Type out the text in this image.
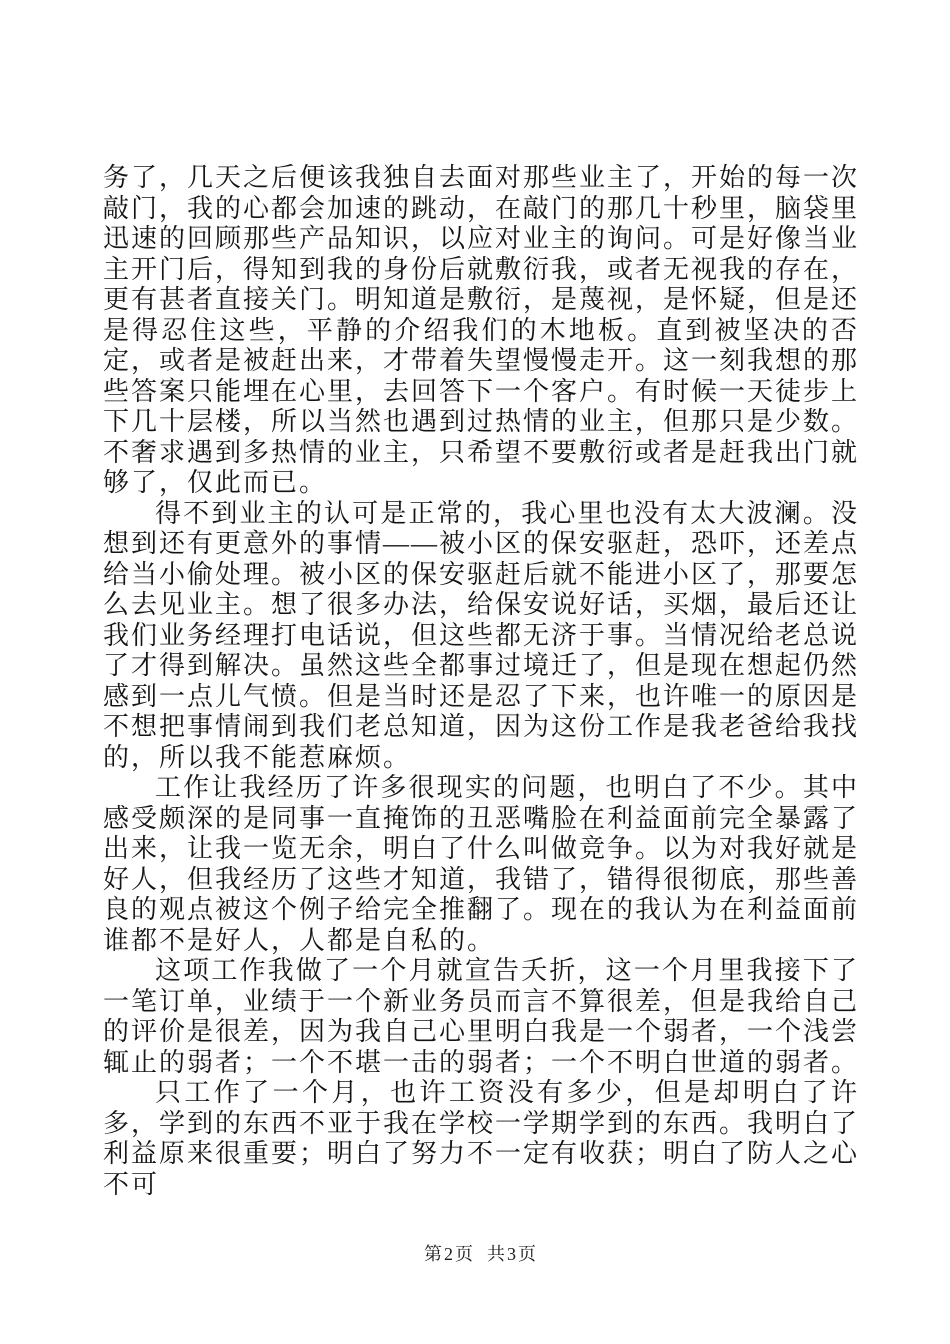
务了，几天之后便该我独自去面对那些业主了，开始的每一次敲门，我的心都会加速的跳动，在敲门的那几十秒里，脑袋里迅速的回顾那些产品知识，以应对业主的询问。可是好像当业主开门后，得知到我的身份后就敷衍我，或者无视我的存在，更有甚者直接关门。明知道是敷衍，是蔑视，是怀疑，但是还是得忍住这些，平静的介绍我们的木地板。直到被坚决的否定，或者是被赶出来，才带着失望慢慢走开。这一刻我想的那些答案只能埋在心里，去回答下一个客户。有时候一天徒步上下几十层楼，所以当然也遇到过热情的业主，但那只是少数。不奢求遇到多热情的业主，只希望不要敷衍或者是赶我出门就够了，仅此而已。

得不到业主的认可是正常的，我心里也没有太大波澜。没想到还有更意外的事情——被小区的保安驱赶，恐吓，还差点给当小偷处理。被小区的保安驱赶后就不能进小区了，那要怎么去见业主。想了很多办法，给保安说好话，买烟，最后还让我们业务经理打电话说，但这些都无济于事。当情况给老总说了才得到解决。虽然这些全都事过境迁了，但是现在想起仍然感到一点儿气愤。但是当时还是忍了下来，也许唯一的原因是不想把事情闹到我们老总知道，因为这份工作是我老爸给我找的，所以我不能惹麻烦。

工作让我经历了许多很现实的问题，也明白了不少。其中感受颇深的是同事一直掩饰的丑恶嘴脸在利益面前完全暴露了出来，让我一览无余，明白了什么叫做竞争。以为对我好就是好人，但我经历了这些才知道，我错了，错得很彻底，那些善良的观点被这个例子给完全推翻了。现在的我认为在利益面前谁都不是好人，人都是自私的。

这项工作我做了一个月就宣告夭折，这一个月里我接下了一笔订单，业绩于一个新业务员而言不算很差，但是我给自己的评价是很差，因为我自己心里明白我是一个弱者，一个浅尝辄止的弱者；一个不堪一击的弱者；一个不明白世道的弱者。

只工作了一个月，也许工资没有多少，但是却明白了许多，学到的东西不亚于我在学校一学期学到的东西。我明白了利益原来很重要；明白了努力不一定有收获；明白了防人之心不可

第2页 共3页
